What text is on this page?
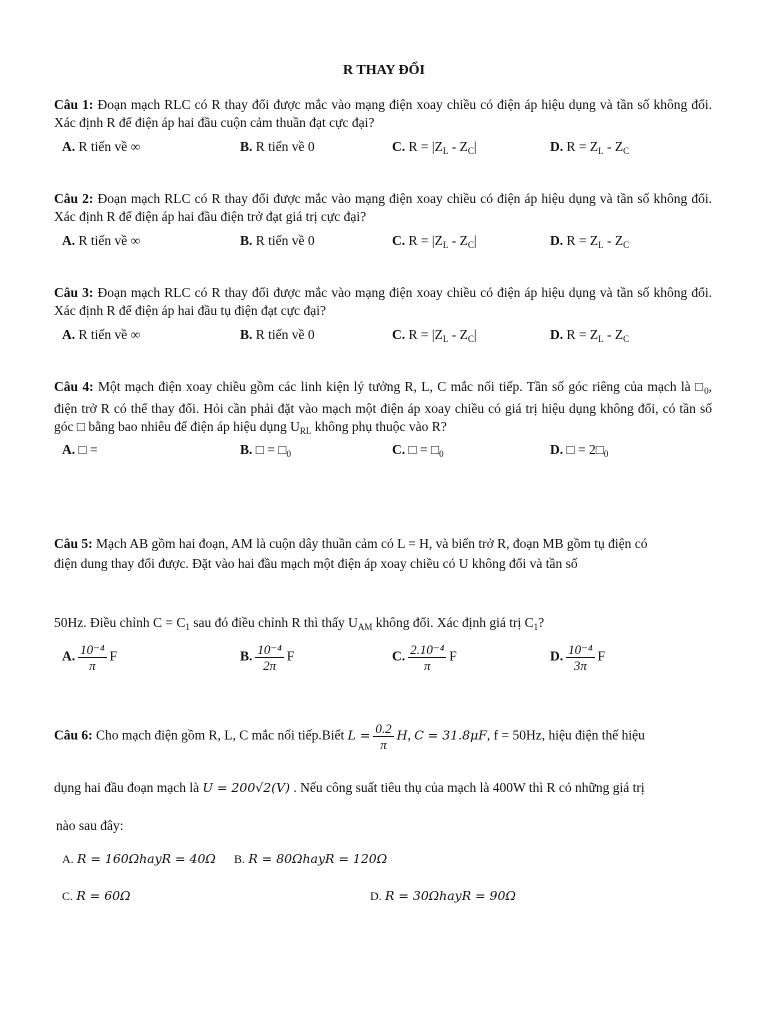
R THAY ĐỔI
Câu 1: Đoạn mạch RLC có R thay đổi được mắc vào mạng điện xoay chiều có điện áp hiệu dụng và tần số không đổi. Xác định R để điện áp hai đầu cuộn cảm thuần đạt cực đại?
A. R tiến về ∞	B. R tiến về 0	C. $R = |Z_L - Z_C|$	D. $R = Z_L - Z_C$
Câu 2: Đoạn mạch RLC có R thay đổi được mắc vào mạng điện xoay chiều có điện áp hiệu dụng và tần số không đổi. Xác định R để điện áp hai đầu điện trở đạt giá trị cực đại?
A. R tiến về ∞	B. R tiến về 0	C. $R = |Z_L - Z_C|$	D. $R = Z_L - Z_C$
Câu 3: Đoạn mạch RLC có R thay đổi được mắc vào mạng điện xoay chiều có điện áp hiệu dụng và tần số không đổi. Xác định R để điện áp hai đầu tụ điện đạt cực đại?
A. R tiến về ∞	B. R tiến về 0	C. $R = |Z_L - Z_C|$	D. $R = Z_L - Z_C$
Câu 4: Một mạch điện xoay chiều gồm các linh kiện lý tưởng R, L, C mắc nối tiếp. Tần số góc riêng của mạch là $□_0$, điện trở R có thể thay đổi. Hỏi cần phải đặt vào mạch một điện áp xoay chiều có giá trị hiệu dụng không đổi, có tần số góc □ bằng bao nhiêu để điện áp hiệu dụng $U_{RL}$ không phụ thuộc vào R?
A. □ =	B. □ = $□_0$	C. □ = $□_0$	D. □ = $2□_0$
Câu 5: Mạch AB gồm hai đoạn, AM là cuộn dây thuần cảm có L = H, và biến trở R, đoạn MB gồm tụ điện có
điện dung thay đổi được. Đặt vào hai đầu mạch một điện áp xoay chiều có U không đổi và tần số
50Hz. Điều chỉnh $C = C_1$ sau đó điều chỉnh R thì thấy $U_{AM}$ không đổi. Xác định giá trị $C_1$?
A. $\frac{\text{10⁻⁴}}{\pi}$ F	B. $\frac{\text{10⁻⁴}}{2\pi}$ F	C. $\frac{\text{2.10⁻⁴}}{\pi}$ F	D. $\frac{\text{10⁻⁴}}{3\pi}$ F
Câu 6: Cho mạch điện gồm R, L, C mắc nối tiếp.Biết $L = \frac{0.2}{\pi} H$, C = 31.8μF, f = 50Hz, hiệu điện thế hiệu
dụng hai đầu đoạn mạch là U = 200√2(V) . Nếu công suất tiêu thụ của mạch là 400W thì R có những giá trị
nào sau đây:
A. R = 160ΩhayR = 40Ω B. R = 80ΩhayR = 120Ω
C. R = 60Ω	D. R = 30ΩhayR = 90Ω
